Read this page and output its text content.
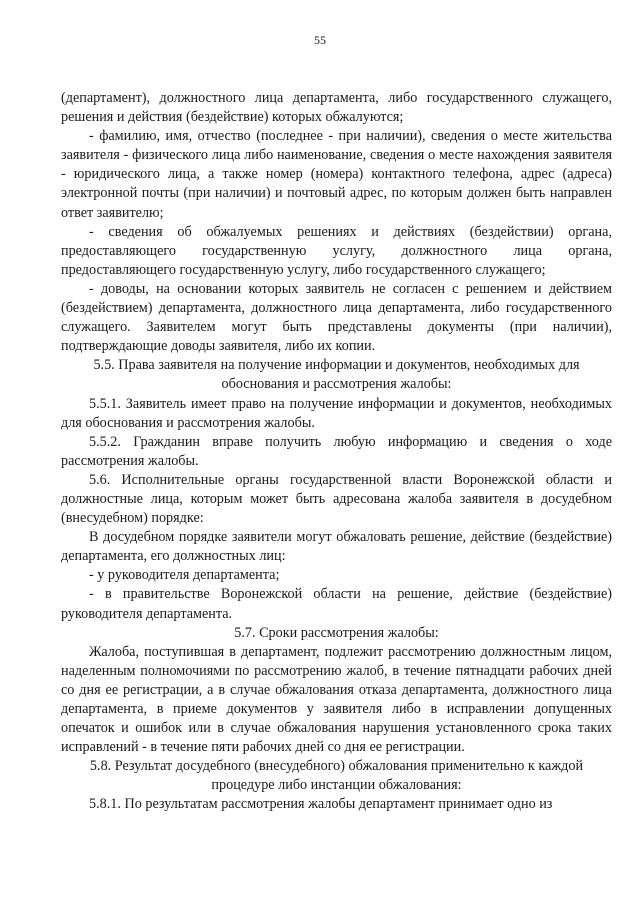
55

(департамент), должностного лица департамента, либо государственного служащего, решения и действия (бездействие) которых обжалуются;

- фамилию, имя, отчество (последнее - при наличии), сведения о месте жительства заявителя - физического лица либо наименование, сведения о месте нахождения заявителя - юридического лица, а также номер (номера) контактного телефона, адрес (адреса) электронной почты (при наличии) и почтовый адрес, по которым должен быть направлен ответ заявителю;

- сведения об обжалуемых решениях и действиях (бездействии) органа, предоставляющего государственную услугу, должностного лица органа, предоставляющего государственную услугу, либо государственного служащего;

- доводы, на основании которых заявитель не согласен с решением и действием (бездействием) департамента, должностного лица департамента, либо государственного служащего. Заявителем могут быть представлены документы (при наличии), подтверждающие доводы заявителя, либо их копии.

5.5. Права заявителя на получение информации и документов, необходимых для обоснования и рассмотрения жалобы:

5.5.1. Заявитель имеет право на получение информации и документов, необходимых для обоснования и рассмотрения жалобы.

5.5.2. Гражданин вправе получить любую информацию и сведения о ходе рассмотрения жалобы.

5.6. Исполнительные органы государственной власти Воронежской области и должностные лица, которым может быть адресована жалоба заявителя в досудебном (внесудебном) порядке:

В досудебном порядке заявители могут обжаловать решение, действие (бездействие) департамента, его должностных лиц:

- у руководителя департамента;

- в правительстве Воронежской области на решение, действие (бездействие) руководителя департамента.

5.7. Сроки рассмотрения жалобы:

Жалоба, поступившая в департамент, подлежит рассмотрению должностным лицом, наделенным полномочиями по рассмотрению жалоб, в течение пятнадцати рабочих дней со дня ее регистрации, а в случае обжалования отказа департамента, должностного лица департамента, в приеме документов у заявителя либо в исправлении допущенных опечаток и ошибок или в случае обжалования нарушения установленного срока таких исправлений - в течение пяти рабочих дней со дня ее регистрации.

5.8. Результат досудебного (внесудебного) обжалования применительно к каждой процедуре либо инстанции обжалования:

5.8.1. По результатам рассмотрения жалобы департамент принимает одно из
